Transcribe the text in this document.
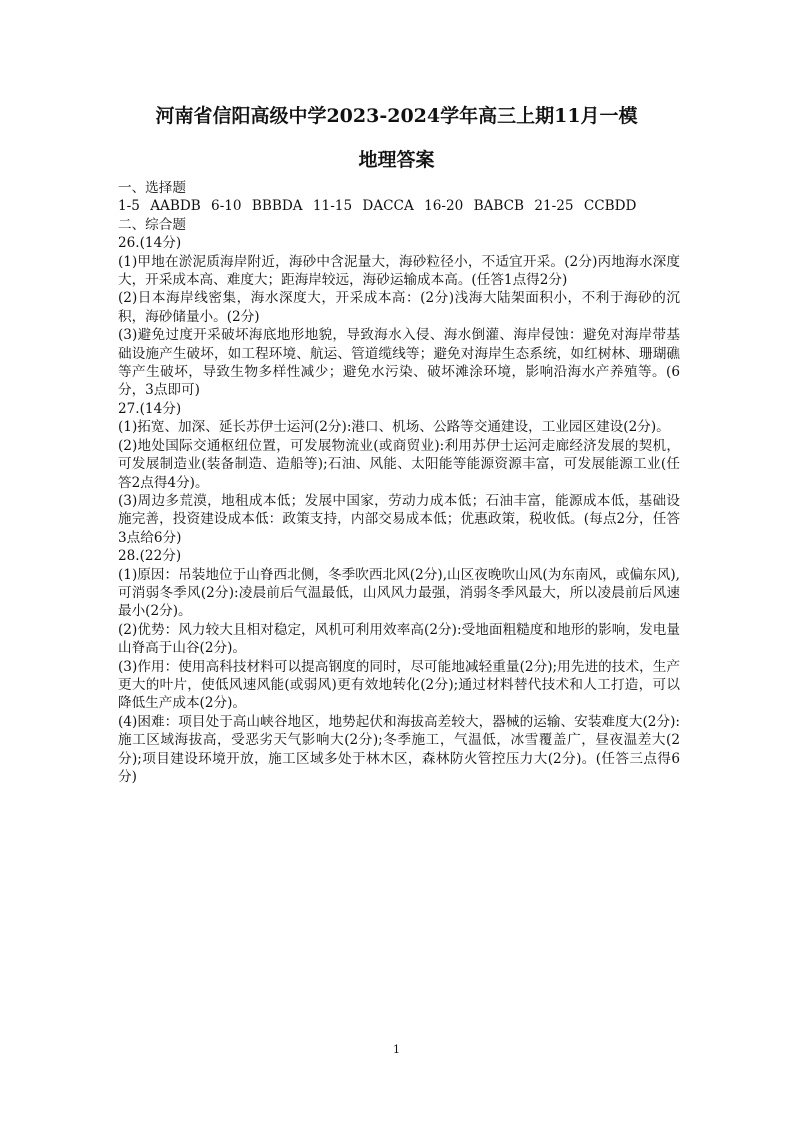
河南省信阳高级中学2023-2024学年高三上期11月一模
地理答案
一、选择题
1-5 AABDB 6-10 BBBDA 11-15 DACCA 16-20 BABCB 21-25 CCBDD
二、综合题
26.(14分)
(1)甲地在淤泥质海岸附近，海砂中含泥量大，海砂粒径小，不适宜开采。(2分)丙地海水深度大，开采成本高、难度大；距海岸较远，海砂运输成本高。(任答1点得2分)
(2)日本海岸线密集，海水深度大，开采成本高：(2分)浅海大陆架面积小，不利于海砂的沉积，海砂储量小。(2分)
(3)避免过度开采破坏海底地形地貌，导致海水入侵、海水倒灌、海岸侵蚀：避免对海岸带基础设施产生破坏，如工程环境、航运、管道缆线等；避免对海岸生态系统，如红树林、珊瑚礁等产生破坏，导致生物多样性减少；避免水污染、破坏滩涂环境，影响沿海水产养殖等。(6分，3点即可)
27.(14分)
(1)拓宽、加深、延长苏伊士运河(2分):港口、机场、公路等交通建设，工业园区建设(2分)。
(2)地处国际交通枢纽位置，可发展物流业(或商贸业):利用苏伊士运河走廊经济发展的契机，可发展制造业(装备制造、造船等);石油、风能、太阳能等能源资源丰富，可发展能源工业(任答2点得4分)。
(3)周边多荒漠，地租成本低；发展中国家，劳动力成本低；石油丰富，能源成本低，基础设施完善，投资建设成本低：政策支持，内部交易成本低；优惠政策，税收低。(每点2分，任答3点给6分)
28.(22分)
(1)原因：吊装地位于山脊西北侧，冬季吹西北风(2分),山区夜晚吹山风(为东南风，或偏东风),可消弱冬季风(2分):凌晨前后气温最低，山风风力最强，消弱冬季风最大，所以凌晨前后风速最小(2分)。
(2)优势：风力较大且相对稳定，风机可利用效率高(2分):受地面粗糙度和地形的影响，发电量山脊高于山谷(2分)。
(3)作用：使用高科技材料可以提高钢度的同时，尽可能地减轻重量(2分);用先进的技术，生产更大的叶片，使低风速风能(或弱风)更有效地转化(2分);通过材料替代技术和人工打造，可以降低生产成本(2分)。
(4)困难：项目处于高山峡谷地区，地势起伏和海拔高差较大，器械的运输、安装难度大(2分):施工区域海拔高，受恶劣天气影响大(2分);冬季施工，气温低，冰雪覆盖广，昼夜温差大(2分);项目建设环境开放，施工区域多处于林木区，森林防火管控压力大(2分)。(任答三点得6分)
1
